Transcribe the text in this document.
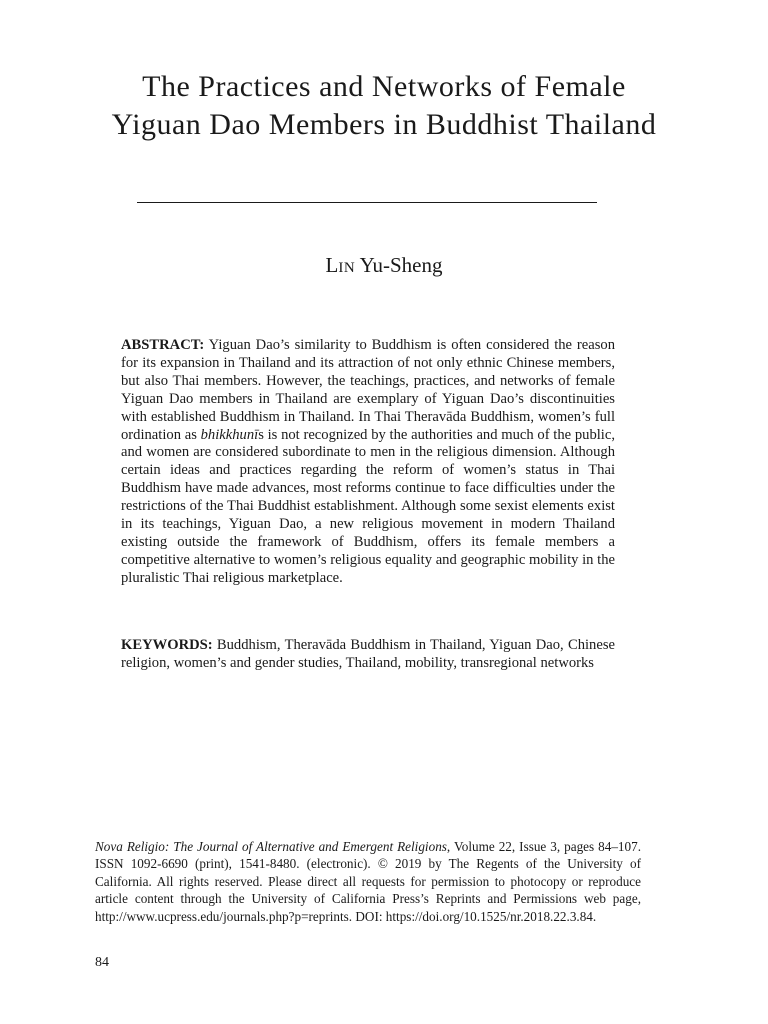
The Practices and Networks of Female Yiguan Dao Members in Buddhist Thailand

LIN Yu-Sheng

ABSTRACT: Yiguan Dao’s similarity to Buddhism is often considered the reason for its expansion in Thailand and its attraction of not only ethnic Chinese members, but also Thai members. However, the teachings, practices, and networks of female Yiguan Dao members in Thailand are exemplary of Yiguan Dao’s discontinuities with established Buddhism in Thailand. In Thai Theravāda Buddhism, women’s full ordination as bhikkhunīs is not recognized by the authorities and much of the public, and women are considered subordinate to men in the religious dimension. Although certain ideas and practices regarding the reform of women’s status in Thai Buddhism have made advances, most reforms continue to face difficulties under the restrictions of the Thai Buddhist establishment. Although some sexist elements exist in its teachings, Yiguan Dao, a new religious movement in modern Thailand existing outside the framework of Buddhism, offers its female members a competitive alternative to women’s religious equality and geographic mobility in the pluralistic Thai religious marketplace.

KEYWORDS: Buddhism, Theravāda Buddhism in Thailand, Yiguan Dao, Chinese religion, women’s and gender studies, Thailand, mobility, transregional networks

Nova Religio: The Journal of Alternative and Emergent Religions, Volume 22, Issue 3, pages 84–107. ISSN 1092-6690 (print), 1541-8480. (electronic). © 2019 by The Regents of the University of California. All rights reserved. Please direct all requests for permission to photocopy or reproduce article content through the University of California Press’s Reprints and Permissions web page, http://www.ucpress.edu/journals.php?p=reprints. DOI: https://doi.org/10.1525/nr.2018.22.3.84.

84
